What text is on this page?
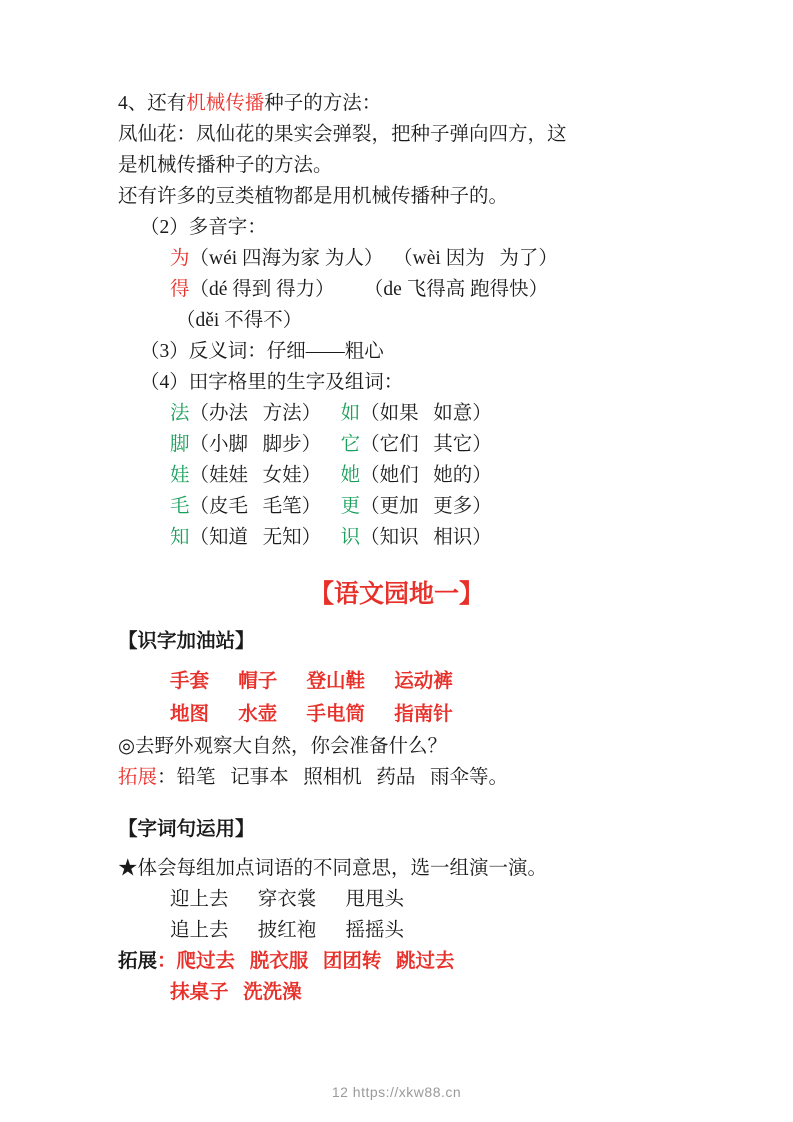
4、还有机械传播种子的方法：
凤仙花：凤仙花的果实会弹裂，把种子弹向四方，这
是机械传播种子的方法。
还有许多的豆类植物都是用机械传播种子的。
（2）多音字：
为（wéi 四海为家 为人）  （wèi 因为   为了）
得（dé 得到 得力）      （de 飞得高 跑得快）
（děi 不得不）
（3）反义词：仔细——粗心
（4）田字格里的生字及组词：
法（办法   方法）    如（如果   如意）
脚（小脚   脚步）    它（它们   其它）
娃（娃娃   女娃）    她（她们   她的）
毛（皮毛   毛笔）    更（更加   更多）
知（知道   无知）    识（知识   相识）
【语文园地一】
【识字加油站】
手套      帽子      登山鞋      运动裤
地图      水壶      手电筒      指南针
◎去野外观察大自然，你会准备什么？
拓展：铅笔   记事本   照相机   药品   雨伞等。
【字词句运用】
★体会每组加点词语的不同意思，选一组演一演。
迎上去      穿衣裳      甩甩头
追上去      披红袍      摇摇头
拓展：爬过去   脱衣服   团团转   跳过去
抹桌子   洗洗澡
12 https://xkw88.cn
